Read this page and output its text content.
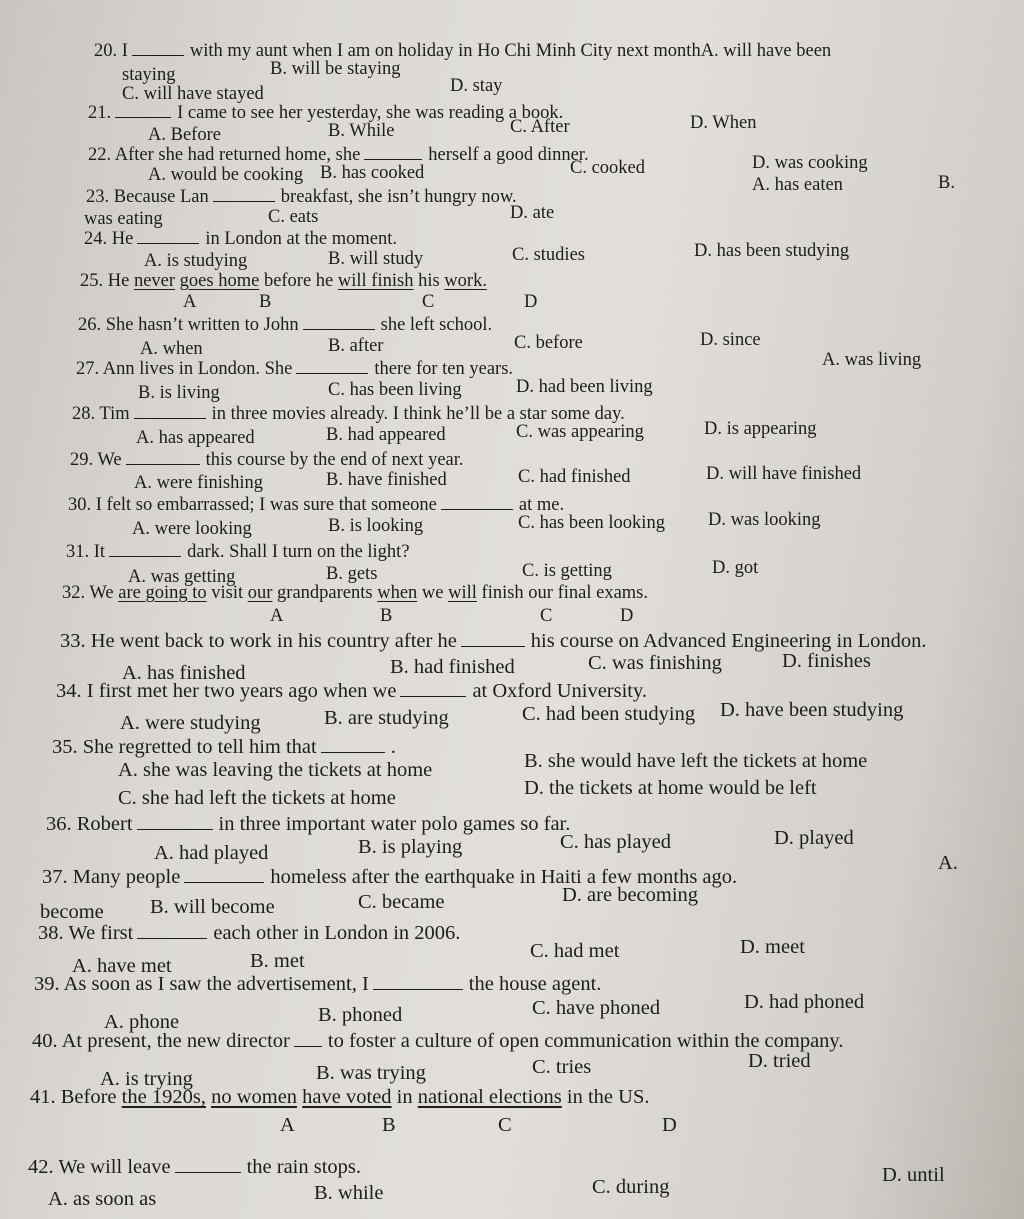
20. I	with my aunt when I am on holiday in Ho Chi Minh City next monthA. will have been
staying	B. will be staying
C. will have stayed	D. stay
21.	I came to see her yesterday, she was reading a book.
A. Before	B. While	C. After	D. When
22. After she had returned home, she	herself a good dinner.
A. would be cooking B. has cooked	C. cooked	D. was cooking
23. Because Lan	breakfast, she isn’t hungry now.
A. has eaten	B.
was eating	C. eats	D. ate
24. He	in London at the moment.
A. is studying	B. will study	C. studies	D. has been studying
25. He never goes home before he will finish his work.
A	B	C	D
26. She hasn’t written to John	she left school.
A. when	B. after	C. before	D. since
27. Ann lives in London. She	there for ten years.	A. was living
B. is living	C. has been living	D. had been living
28. Tim	in three movies already. I think he’ll be a star some day.
A. has appeared	B. had appeared	C. was appearing	D. is appearing
29. We	this course by the end of next year.
A. were finishing	B. have finished	C. had finished	D. will have finished
30. I felt so embarrassed; I was sure that someone	at me.
A. were looking	B. is looking	C. has been looking D. was looking
31. It	dark. Shall I turn on the light?
A. was getting	B. gets	C. is getting	D. got
32. We are going to visit our grandparents when we will finish our final exams.
A	B	C	D
33. He went back to work in his country after he	his course on Advanced Engineering in London.
A. has finished	B. had finished	C. was finishing	D. finishes
34. I first met her two years ago when we	at Oxford University.
A. were studying	B. are studying	C. had been studying D. have been studying
35. She regretted to tell him that	.
A. she was leaving the tickets at home	B. she would have left the tickets at home
C. she had left the tickets at home	D. the tickets at home would be left
36. Robert	in three important water polo games so far.
A. had played	B. is playing	C. has played	D. played
37. Many people	homeless after the earthquake in Haiti a few months ago.
A.
become B. will become	C. became	D. are becoming
38. We first	each other in London in 2006.
A. have met	B. met	C. had met	D. meet
39. As soon as I saw the advertisement, I	the house agent.
A. phone	B. phoned	C. have phoned	D. had phoned
40. At present, the new director to foster a culture of open communication within the company.
A. is trying	B. was trying	C. tries	D. tried
41. Before the 1920s, no women have voted in national elections in the US.
A	B	C	D
42. We will leave	the rain stops.
A. as soon as	B. while	C. during
D. until
